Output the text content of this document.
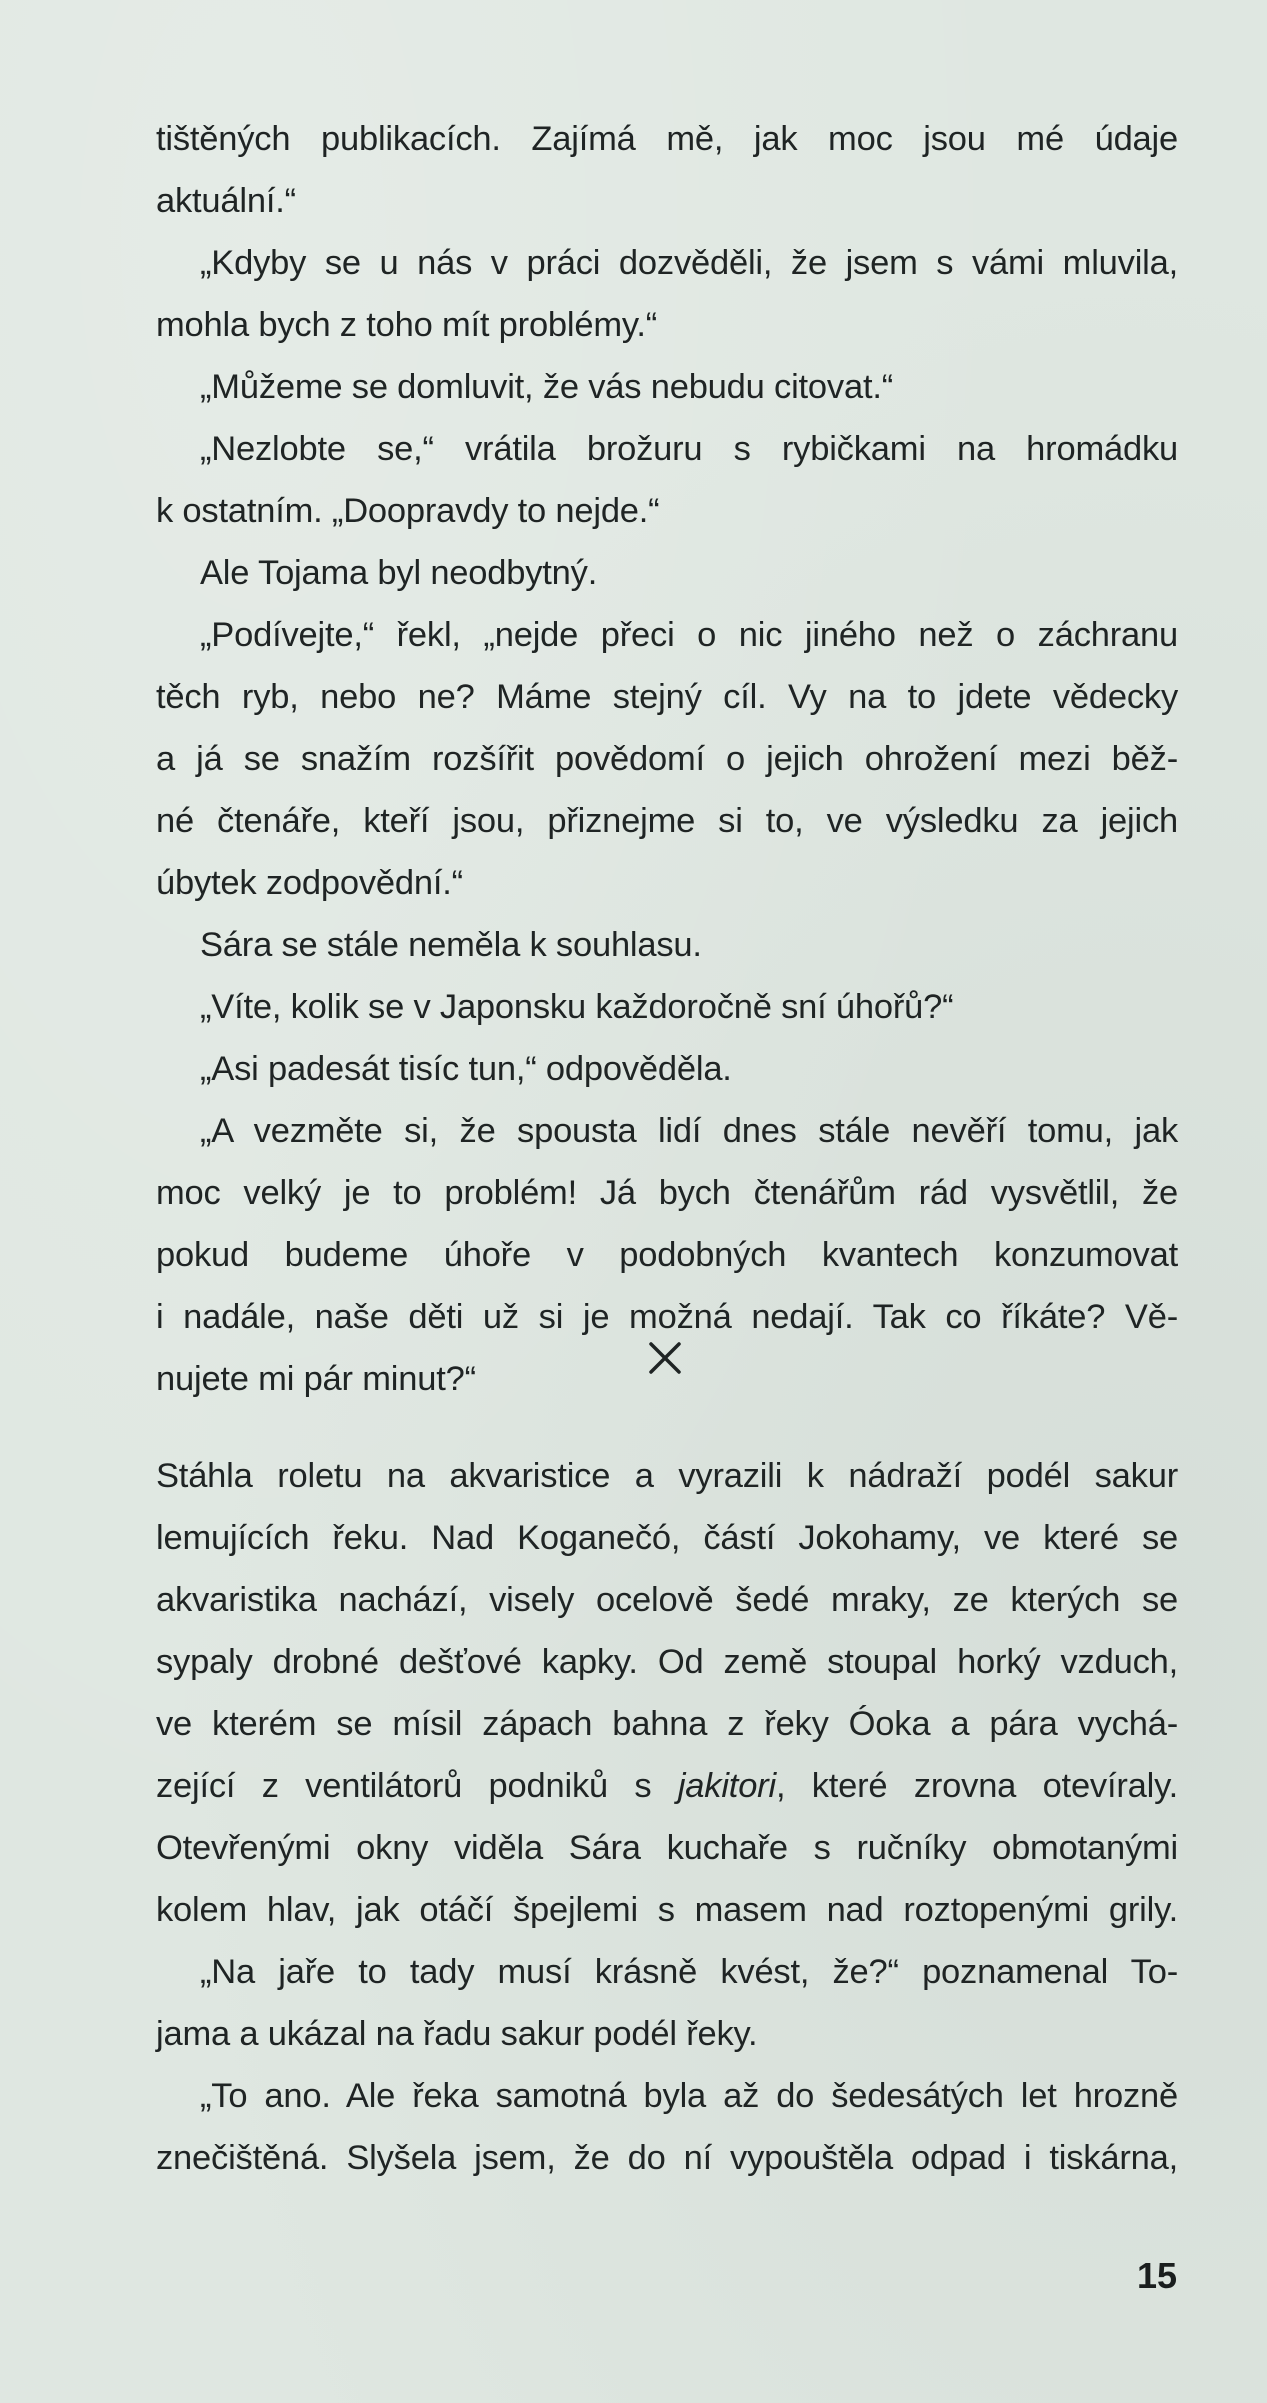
tištěných publikacích. Zajímá mě, jak moc jsou mé údaje
aktuální.“
„Kdyby se u nás v práci dozvěděli, že jsem s vámi mluvila,
mohla bych z toho mít problémy.“
„Můžeme se domluvit, že vás nebudu citovat.“
„Nezlobte se,“ vrátila brožuru s rybičkami na hromádku
k ostatním. „Doopravdy to nejde.“
Ale Tojama byl neodbytný.
„Podívejte,“ řekl, „nejde přeci o nic jiného než o záchranu
těch ryb, nebo ne? Máme stejný cíl. Vy na to jdete vědecky
a já se snažím rozšířit povědomí o jejich ohrožení mezi běž-
né čtenáře, kteří jsou, přiznejme si to, ve výsledku za jejich
úbytek zodpovědní.“
Sára se stále neměla k souhlasu.
„Víte, kolik se v Japonsku každoročně sní úhořů?“
„Asi padesát tisíc tun,“ odpověděla.
„A vezměte si, že spousta lidí dnes stále nevěří tomu, jak
moc velký je to problém! Já bych čtenářům rád vysvětlil, že
pokud budeme úhoře v podobných kvantech konzumovat
i nadále, naše děti už si je možná nedají. Tak co říkáte? Vě-
nujete mi pár minut?“
Stáhla roletu na akvaristice a vyrazili k nádraží podél sakur
lemujících řeku. Nad Koganečó, částí Jokohamy, ve které se
akvaristika nachází, visely ocelově šedé mraky, ze kterých se
sypaly drobné dešťové kapky. Od země stoupal horký vzduch,
ve kterém se mísil zápach bahna z řeky Óoka a pára vychá-
zející z ventilátorů podniků s jakitori, které zrovna otevíraly.
Otevřenými okny viděla Sára kuchaře s ručníky obmotanými
kolem hlav, jak otáčí špejlemi s masem nad roztopenými grily.
„Na jaře to tady musí krásně kvést, že?“ poznamenal To-
jama a ukázal na řadu sakur podél řeky.
„To ano. Ale řeka samotná byla až do šedesátých let hrozně
znečištěná. Slyšela jsem, že do ní vypouštěla odpad i tiskárna,
15
